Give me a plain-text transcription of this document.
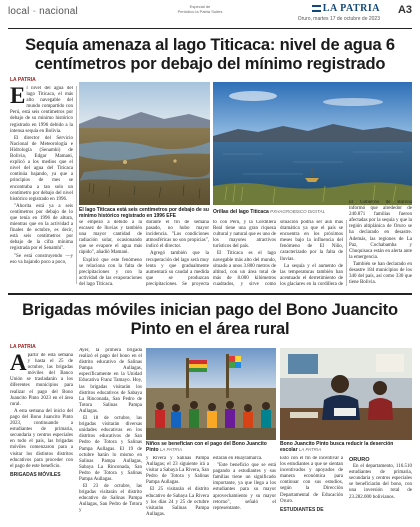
local - nacional	Especial de
Periódico la Patria Suites	LA PATRIA
Oruro, martes 17 de octubre de 2023
A3
Sequía amenaza al lago Titicaca: nivel de agua 6 centímetros por debajo del mínimo registrado
LA PATRIA

El nivel del agua del lago Titicaca, el más alto navegable del mundo compartido con Perú, está seis centímetros por debajo de su mínimo histórico registrado en 1996 debido a la intensa sequía en Bolivia.

El director del Servicio Nacional de Meteorología e Hidrología (Senamhi) de Bolivia, Edgar Mamani, explicó a los medios que el nivel del agua del Titicaca continúa bajando, ya que a principios de mes se encontraba a tan solo un centímetro por debajo del nivel histórico registrado en 1996.

"Ahorita está ya a seis centímetros por debajo de lo que tenía en 1996 de altura, mientras que en la actividad a finales de octubre, es decir, está seis centímetros por debajo de la cifra mínima registrada por el Senamhi".

"Se está construyendo —y eso va bajando poco a poco,

El lago Titicaca está seis centímetros por debajo de su mínimo histórico registrado en 1996 EFE
Orillas del lago Titicaca PXHAGROBISCO DIGITAL

se empezó a debido a la escasez de lluvias y también una mayor cantidad de radiación solar, ocasionando que se evapore el agua más rápido", añadió Mamani.

Explicó que este fenómeno se relaciona con la falta de precipitaciones y con la actividad de las evaporaciones del lago Titicaca.

durante el fin de semana pasado, no hubo mayor incidencia. "Los condiciones atmosféricas no son propicias", indicó el director.

Agregó también que la recuperación del lago será muy lenta y que gradualmente aumentará su caudal a medida que se produzcan precipitaciones. Se proyecta

to con Perú, y la Cordillera Real tiene una gran riqueza cultural y natural que es uno de los mayores atractivos turísticos del país.

El Titicaca es el lago navegable más alto del mundo, situado a unos 3.800 metros de altitud, con un área total de más de 8.000 kilómetros cuadrados, y sirve como

situación podría ser aún más dramática ya que el país se encuentra en los próximos meses bajo la influencia del fenómeno de El Niño, caracterizado por la falta de lluvias.

La sequía y el aumento de las temperaturas también han acentuado el derretimiento de los glaciares en la cordillera de

El Gobierno de Bolivia informó que alrededor de 240.871 familias fueron afectadas por la sequía y que la región altiplánica de Oruro se ha declarado en desastre. Además, las regiones de La Paz, Cochabamba y Chuquisaca están en alerta ante la emergencia.

También se han declarado en desastre 184 municipios de los 340 del país, así como 330 que tiene Bolivia.

Brigadas móviles inician pago del Bono Juancito Pinto en el área rural
LA PATRIA

Apartir de esta semana y hasta el 25 de octubre, las brigadas móviles del Banco Unión se trasladarán a los diferentes municipios para realizar el pago del Bono Juancito Pinto 2023 en el área rural.

A esta semana del inicio del pago del Bono Juancito Pinto 2023, continuando a estudiantes de primaria, secundaria y centros especiales en todo el país, las brigadas móviles comenzaron para a visitar los distintos distritos educativos para proceder con el pago de este beneficio.

BRIGADAS MÓVILES

Ayer, la primera brigada realizó el pago del bono en el distrito educativo de Salinas Pampa Aullagas, específicamente en la Unidad Educativa Franz Tamayo. Hoy, las brigadas visitarán los distritos educativos de Sabaya La Rinconada, San Pedro de Totora Salinas Pampa Aullagas.

El 18 de octubre, las brigadas visitarán diversas unidades educativas en los distritos educativos de San Pedro de Totora y Salinas Pampa Aullagas. El 19 de octubre harán lo mismo en Salinas Pampa Aullagas, Sabaya La Rinconada, San Pedro de Totora y Salinas Pampa Aullagas.

El 23 de octubre, las brigadas visitarán el distrito educativo de Salinas Pampa Aullagas, San Pedro de Totora y

Niños se benefician con el pago del Bono Juancito Pinto LA PATRIA
Bono Juancito Pinto busca reducir la deserción escolar LA PATRIA

y Rivera y Salinas Pampa Aullagas; el 23 siguiente irá a visitar a Sabaya La Rivera, San Pedro de Totora y Salinas Pampa Aullagas.

El 25 visitarán el distrito educativo de Sabaya La Rivera y los días 24 y 25 de octubre visitarán Salinas Pampa Aullagas.

estarán en Huaylamarca.

"Este beneficio que se está pagando a estudiantes y sus familias tiene un significado importante, ya que llega a los estudiantes para su mayor aprovechamiento y su mayor retorno", señaló el representante.

Esto con el fin de incentivar a los estudiantes a que se sientan incentivados y apoyados de manera económica para continuar con sus estudios, según la Dirección Departamental de Educación Oruro.

ESTUDIANTES DE

ORURO

En el departamento, 116.510 estudiantes de primaria, secundaria y centros especiales se beneficiarán del bono, con una inversión total de 23.282.000 bolivianos.
